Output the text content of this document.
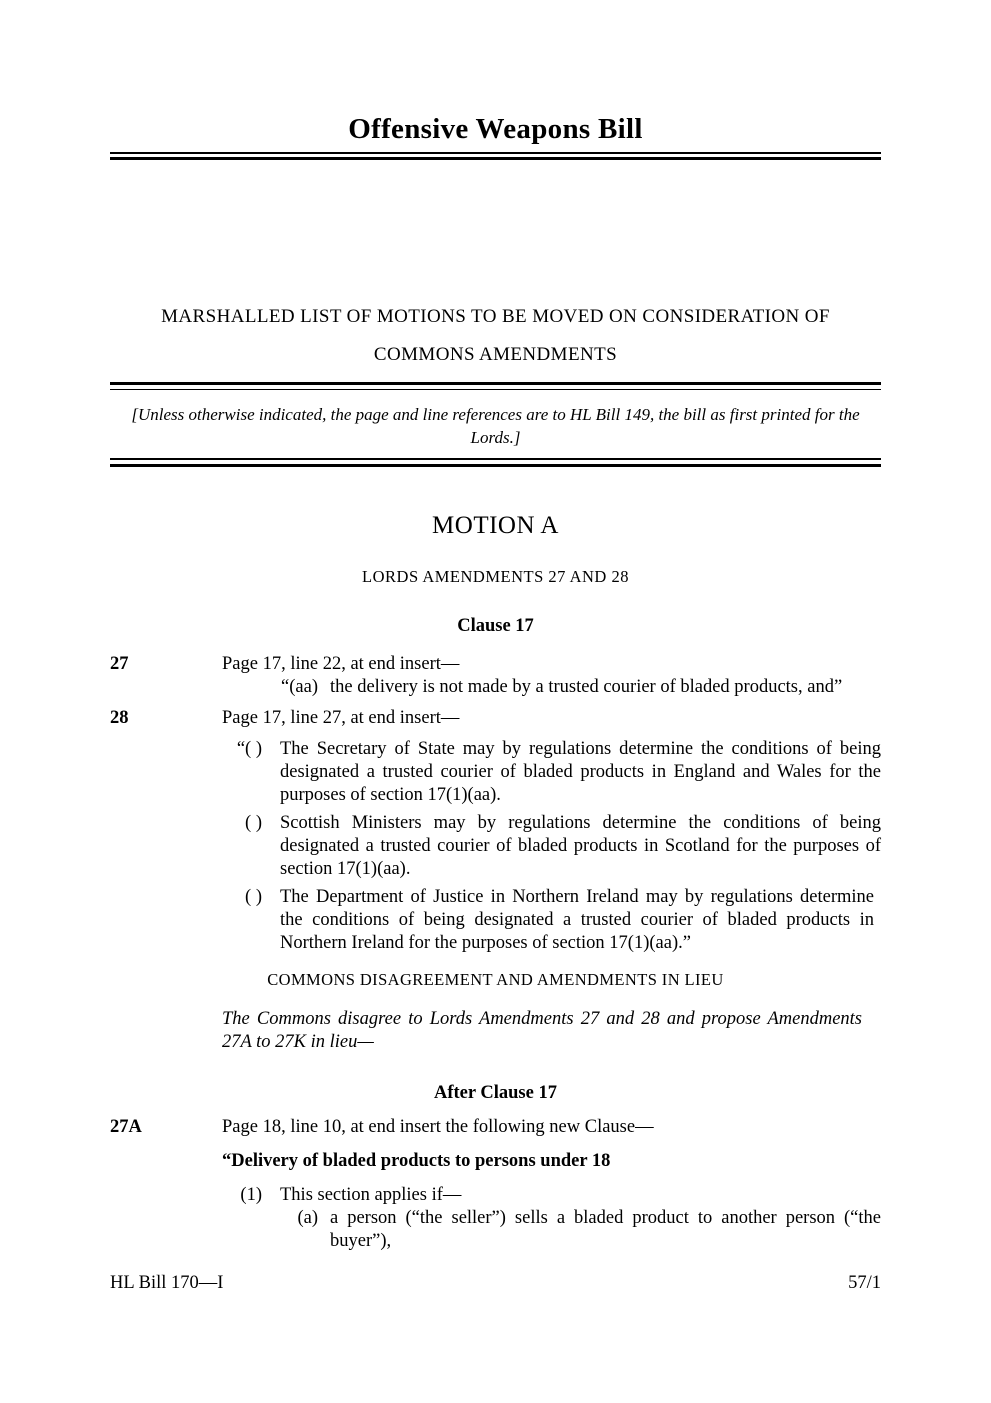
Offensive Weapons Bill
MARSHALLED LIST OF MOTIONS TO BE MOVED ON CONSIDERATION OF
COMMONS AMENDMENTS

[Unless otherwise indicated, the page and line references are to HL Bill 149, the bill as first printed for the Lords.]

MOTION A
LORDS AMENDMENTS 27 AND 28
Clause 17
27	Page 17, line 22, at end insert—

“(aa) the delivery is not made by a trusted courier of bladed products, and”
28	Page 17, line 27, at end insert—

“( ) The Secretary of State may by regulations determine the conditions of being designated a trusted courier of bladed products in England and Wales for the purposes of section 17(1)(aa).
( ) Scottish Ministers may by regulations determine the conditions of being designated a trusted courier of bladed products in Scotland for the purposes of section 17(1)(aa).
( ) The Department of Justice in Northern Ireland may by regulations determine the conditions of being designated a trusted courier of bladed products in Northern Ireland for the purposes of section 17(1)(aa).”
COMMONS DISAGREEMENT AND AMENDMENTS IN LIEU
The Commons disagree to Lords Amendments 27 and 28 and propose Amendments 27A to 27K in lieu—
After Clause 17
27A	Page 18, line 10, at end insert the following new Clause—

“Delivery of bladed products to persons under 18
(1) This section applies if—

(a) a person (“the seller”) sells a bladed product to another person (“the buyer”),
HL Bill 170—I	57/1
